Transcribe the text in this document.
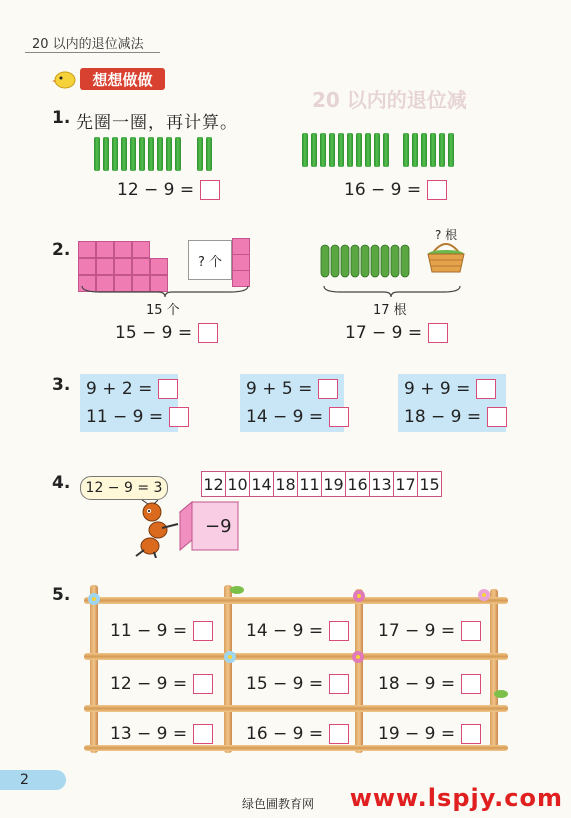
20 以内的退位减法
想想做做
20 以内的退位减
1. 先圈一圈，再计算。
12 − 9 =	16 − 9 =
2.
? 个
15 个
15 − 9 =
? 根
17 根
17 − 9 =
3. 9 + 2 =
11 − 9 =
9 + 5 =
14 − 9 =
9 + 9 =
18 − 9 =
4.	12 − 9 = 3	12 10 14 18 11 19 16 13 17 15
−9
5.
11 − 9 =	14 − 9 =	17 − 9 =
12 − 9 =	15 − 9 =	18 − 9 =
13 − 9 =	16 − 9 =	19 − 9 =
2
绿色圃教育网 www.lspjy.com
